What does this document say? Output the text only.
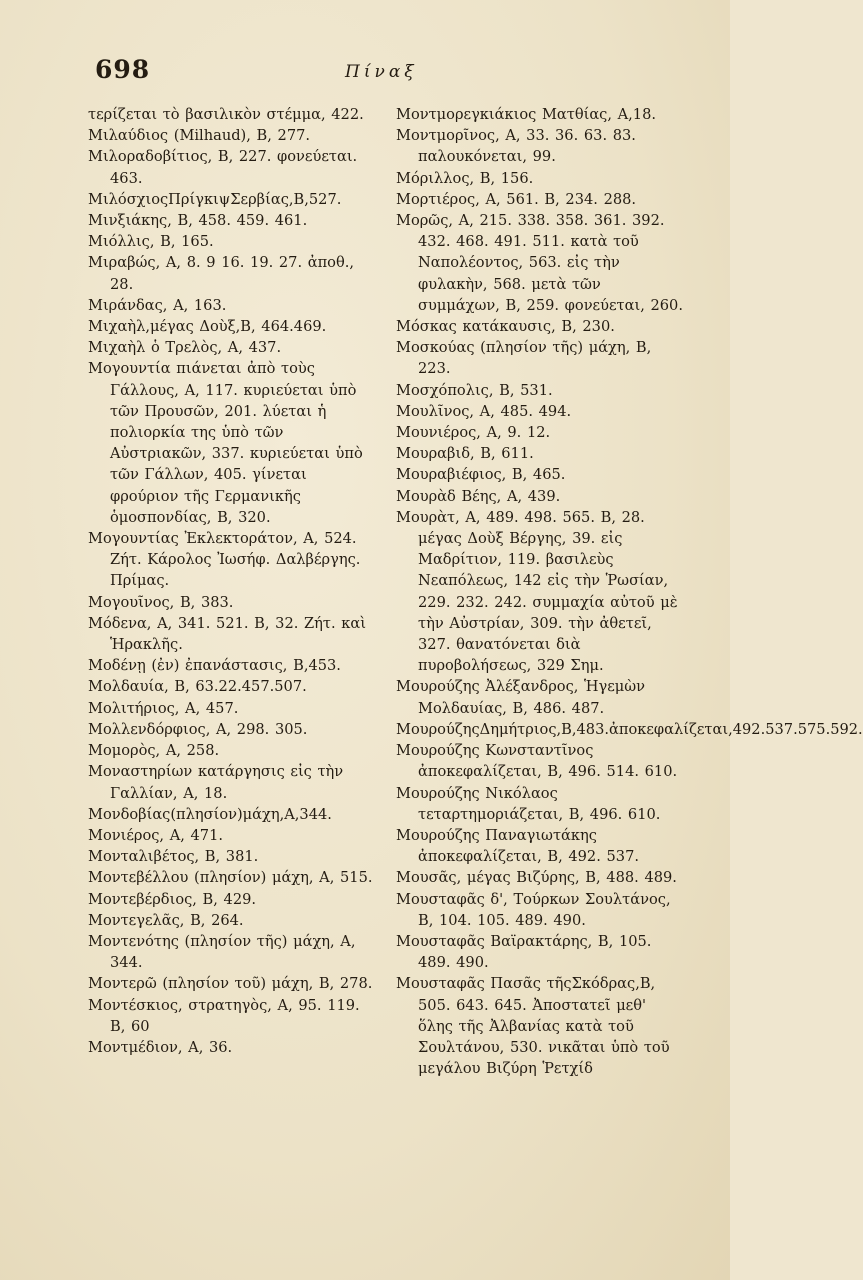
698	Πίναξ
τερίζεται τὸ βασιλικὸν στέμμα, 422.
Μιλαύδιος (Milhaud), Β, 277.
Μιλοραδοβίτιος, Β, 227. φονεύεται. 463.
ΜιλόσχιοςΠρίγκιψΣερβίας,Β,527.
Μινξιάκης, Β, 458. 459. 461.
Μιόλλις, Β, 165.
Μιραβώς, Α, 8. 9 16. 19. 27. ἀποθ., 28.
Μιράνδας, Α, 163.
Μιχαὴλ,μέγας Δοὺξ,Β, 464.469.
Μιχαὴλ ὁ Τρελὸς, Α, 437.
Μογουντία πιάνεται ἀπὸ τοὺς Γάλλους, Α, 117. κυριεύεται ὑπὸ τῶν Προυσῶν, 201. λύεται ἡ πολιορκία της ὑπὸ τῶν Αὐστριακῶν, 337. κυριεύεται ὑπὸ τῶν Γάλλων, 405. γίνεται φρούριον τῆς Γερμανικῆς ὁμοσπονδίας, Β, 320.
Μογουντίας Ἐκλεκτοράτον, Α, 524. Ζήτ. Κάρολος Ἰωσήφ. Δαλβέργης. Πρίμας.
Μογουῖνος, Β, 383.
Μόδενα, Α, 341. 521. Β, 32. Ζήτ. καὶ Ἡρακλῆς.
Μοδένῃ (ἐν) ἐπανάστασις, Β,453.
Μολδαυία, Β, 63.22.457.507.
Μολιτήριος, Α, 457.
Μολλενδόρφιος, Α, 298. 305.
Μομορὸς, Α, 258.
Μοναστηρίων κατάργησις εἰς τὴν Γαλλίαν, Α, 18.
Μονδοβίας(πλησίον)μάχη,Α,344.
Μονιέρος, Α, 471.
Μονταλιβέτος, Β, 381.
Μοντεβέλλου (πλησίον) μάχη, Α, 515.
Μοντεβέρδιος, Β, 429.
Μοντεγελᾶς, Β, 264.
Μοντενότης (πλησίον τῆς) μάχη, Α, 344.
Μοντερῶ (πλησίον τοῦ) μάχη, Β, 278.
Μοντέσκιος, στρατηγὸς, Α, 95. 119. Β, 60
Μοντμέδιον, Α, 36.
Μοντμορεγκιάκιος Ματθίας, Α,18.
Μοντμορῖνος, Α, 33. 36. 63. 83. παλουκόνεται, 99.
Μόριλλος, Β, 156.
Μορτιέρος, Α, 561. Β, 234. 288.
Μορῶς, Α, 215. 338. 358. 361. 392. 432. 468. 491. 511. κατὰ τοῦ Ναπολέοντος, 563. εἰς τὴν φυλακὴν, 568. μετὰ τῶν συμμάχων, Β, 259. φονεύεται, 260.
Μόσκας κατάκαυσις, Β, 230.
Μοσκούας (πλησίον τῆς) μάχη, Β, 223.
Μοσχόπολις, Β, 531.
Μουλῖνος, Α, 485. 494.
Μουνιέρος, Α, 9. 12.
Μουραβιδ, Β, 611.
Μουραβιέφιος, Β, 465.
Μουρὰδ Βέης, Α, 439.
Μουρὰτ, Α, 489. 498. 565. Β, 28. μέγας Δοὺξ Βέργης, 39. εἰς Μαδρίτιον, 119. βασιλεὺς Νεαπόλεως, 142 εἰς τὴν Ῥωσίαν, 229. 232. 242. συμμαχία αὐτοῦ μὲ τὴν Αὐστρίαν, 309. τὴν ἀθετεῖ, 327. θανατόνεται διὰ πυροβολήσεως, 329 Σημ.
Μουρούζης Ἀλέξανδρος, Ἡγεμὼν Μολδαυίας, Β, 486. 487.
ΜουρούζηςΔημήτριος,Β,483.ἀποκεφαλίζεται,492.537.575.592.
Μουρούζης Κωνσταντῖνος ἀποκεφαλίζεται, Β, 496. 514. 610.
Μουρούζης Νικόλαος τεταρτημοριάζεται, Β, 496. 610.
Μουρούζης Παναγιωτάκης ἀποκεφαλίζεται, Β, 492. 537.
Μουσᾶς, μέγας Βιζύρης, Β, 488. 489.
Μουσταφᾶς δ', Τούρκων Σουλτάνος, Β, 104. 105. 489. 490.
Μουσταφᾶς Βαϊρακτάρης, Β, 105. 489. 490.
Μουσταφᾶς Πασᾶς τῆςΣκόδρας,Β, 505. 643. 645. Ἀποστατεῖ μεθ' ὅλης τῆς Ἀλβανίας κατὰ τοῦ Σουλτάνου, 530. νικᾶται ὑπὸ τοῦ μεγάλου Βιζύρη Ῥετχίδ
